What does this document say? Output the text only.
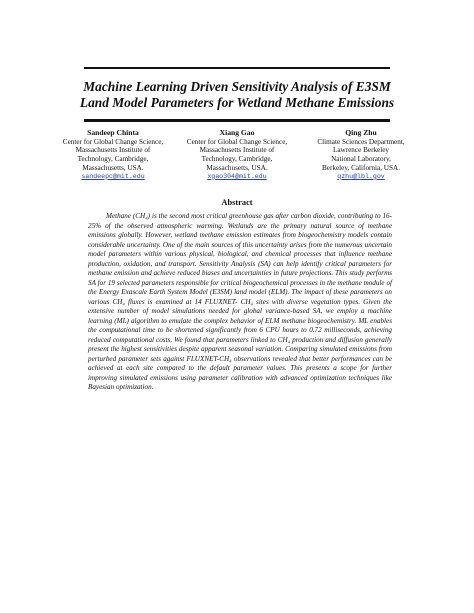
Machine Learning Driven Sensitivity Analysis of E3SM
Land Model Parameters for Wetland Methane Emissions
Sandeep Chinta
Center for Global Change Science,
Massachusetts Institute of
Technology, Cambridge,
Massachusetts, USA.
sandeepc@mit.edu
Xiang Gao
Center for Global Change Science,
Massachusetts Institute of
Technology, Cambridge,
Massachusetts, USA.
xgao304@mit.edu
Qing Zhu
Climate Sciences Department,
Lawrence Berkeley
National Laboratory,
Berkeley, California, USA.
qzhu@lbl.gov
Abstract

Methane (CH₄) is the second most critical greenhouse gas after carbon dioxide, contributing to 16-25% of the observed atmospheric warming. Wetlands are the primary natural source of methane emissions globally. However, wetland methane emission estimates from biogeochemistry models contain considerable uncertainty. One of the main sources of this uncertainty arises from the numerous uncertain model parameters within various physical, biological, and chemical processes that influence methane production, oxidation, and transport. Sensitivity Analysis (SA) can help identify critical parameters for methane emission and achieve reduced biases and uncertainties in future projections. This study performs SA for 19 selected parameters responsible for critical biogeochemical processes in the methane module of the Energy Exascale Earth System Model (E3SM) land model (ELM). The impact of these parameters on various CH₄ fluxes is examined at 14 FLUXNET- CH₄ sites with diverse vegetation types. Given the extensive number of model simulations needed for global variance-based SA, we employ a machine learning (ML) algorithm to emulate the complex behavior of ELM methane biogeochemistry. ML enables the computational time to be shortened significantly from 6 CPU hours to 0.72 milliseconds, achieving reduced computational costs. We found that parameters linked to CH₄ production and diffusion generally present the highest sensitivities despite apparent seasonal variation. Comparing simulated emissions from perturbed parameter sets against FLUXNET-CH₄ observations revealed that better performances can be achieved at each site compared to the default parameter values. This presents a scope for further improving simulated emissions using parameter calibration with advanced optimization techniques like Bayesian optimization.
